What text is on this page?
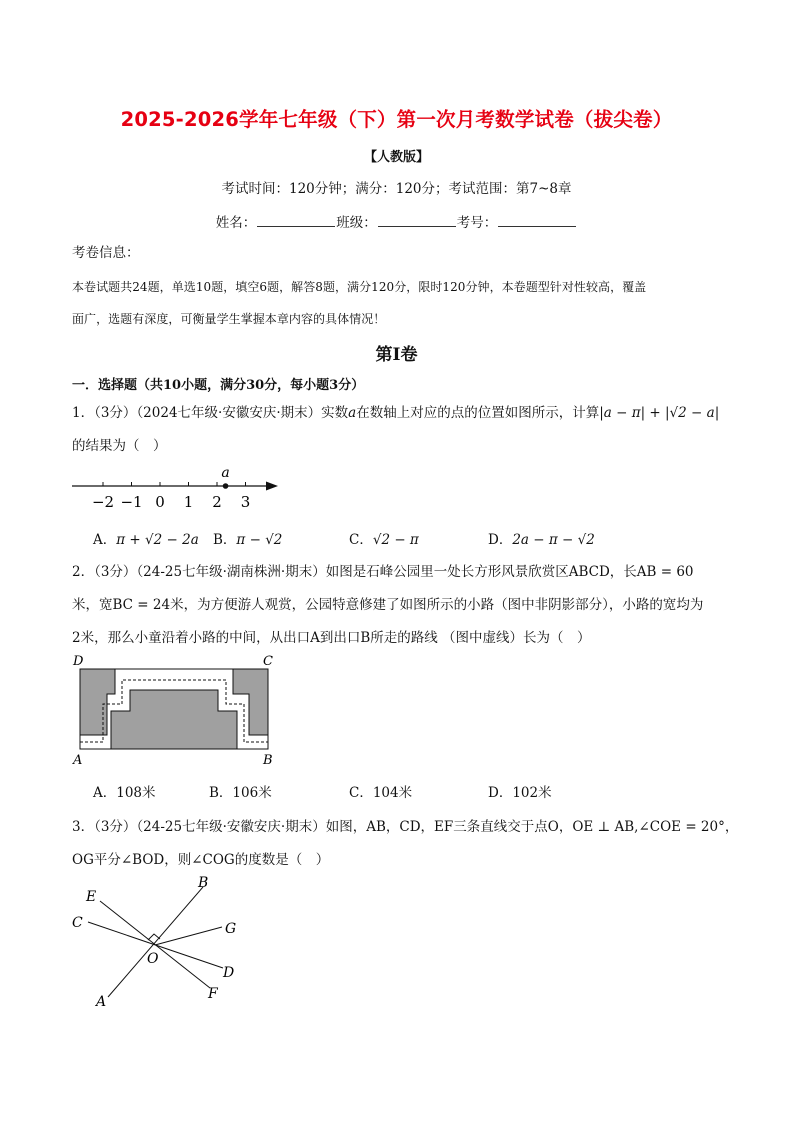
2025-2026学年七年级（下）第一次月考数学试卷（拔尖卷）
【人教版】
考试时间：120分钟；满分：120分；考试范围：第7~8章
姓名：	班级：	考号：
考卷信息：
本卷试题共24题，单选10题，填空6题，解答8题，满分120分，限时120分钟，本卷题型针对性较高，覆盖
面广，选题有深度，可衡量学生掌握本章内容的具体情况！
第I卷
一．选择题（共10小题，满分30分，每小题3分）
1．（3分）（2024七年级·安徽安庆·期末）实数a在数轴上对应的点的位置如图所示，计算|a − π| + |√2 − a|
的结果为（　）
−2 −1 0 1 2 3
a
A．π + √2 − 2a B．π − √2	C．√2 − π	D．2a − π − √2
2．（3分）（24-25七年级·湖南株洲·期末）如图是石峰公园里一处长方形风景欣赏区ABCD，长AB = 60
米，宽BC = 24米，为方便游人观赏，公园特意修建了如图所示的小路（图中非阴影部分），小路的宽均为
2米，那么小童沿着小路的中间，从出口A到出口B所走的路线 （图中虚线）长为（　）
D	C
A	B
A．108米	B．106米	C．104米	D．102米
3．（3分）（24-25七年级·安徽安庆·期末）如图，AB，CD，EF三条直线交于点O，OE ⊥ AB,∠COE = 20°，
OG平分∠BOD，则∠COG的度数是（　）
B
E
C	G
O
D
F
A
